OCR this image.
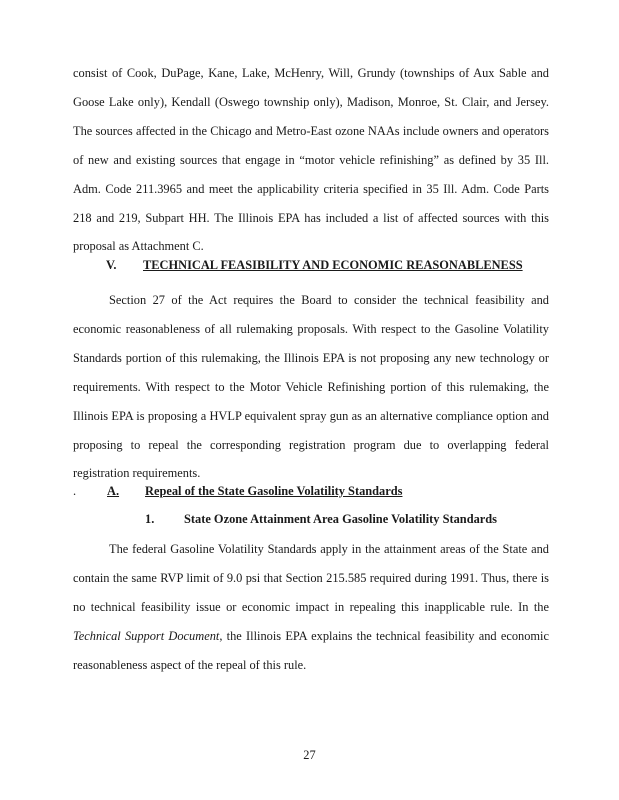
consist of Cook, DuPage, Kane, Lake, McHenry, Will, Grundy (townships of Aux Sable and Goose Lake only), Kendall (Oswego township only), Madison, Monroe, St. Clair, and Jersey. The sources affected in the Chicago and Metro-East ozone NAAs include owners and operators of new and existing sources that engage in “motor vehicle refinishing” as defined by 35 Ill. Adm. Code 211.3965 and meet the applicability criteria specified in 35 Ill. Adm. Code Parts 218 and 219, Subpart HH. The Illinois EPA has included a list of affected sources with this proposal as Attachment C.

V. TECHNICAL FEASIBILITY AND ECONOMIC REASONABLENESS

Section 27 of the Act requires the Board to consider the technical feasibility and economic reasonableness of all rulemaking proposals. With respect to the Gasoline Volatility Standards portion of this rulemaking, the Illinois EPA is not proposing any new technology or requirements. With respect to the Motor Vehicle Refinishing portion of this rulemaking, the Illinois EPA is proposing a HVLP equivalent spray gun as an alternative compliance option and proposing to repeal the corresponding registration program due to overlapping federal registration requirements.

. A. Repeal of the State Gasoline Volatility Standards
1. State Ozone Attainment Area Gasoline Volatility Standards

The federal Gasoline Volatility Standards apply in the attainment areas of the State and contain the same RVP limit of 9.0 psi that Section 215.585 required during 1991. Thus, there is no technical feasibility issue or economic impact in repealing this inapplicable rule. In the Technical Support Document, the Illinois EPA explains the technical feasibility and economic reasonableness aspect of the repeal of this rule.

27
